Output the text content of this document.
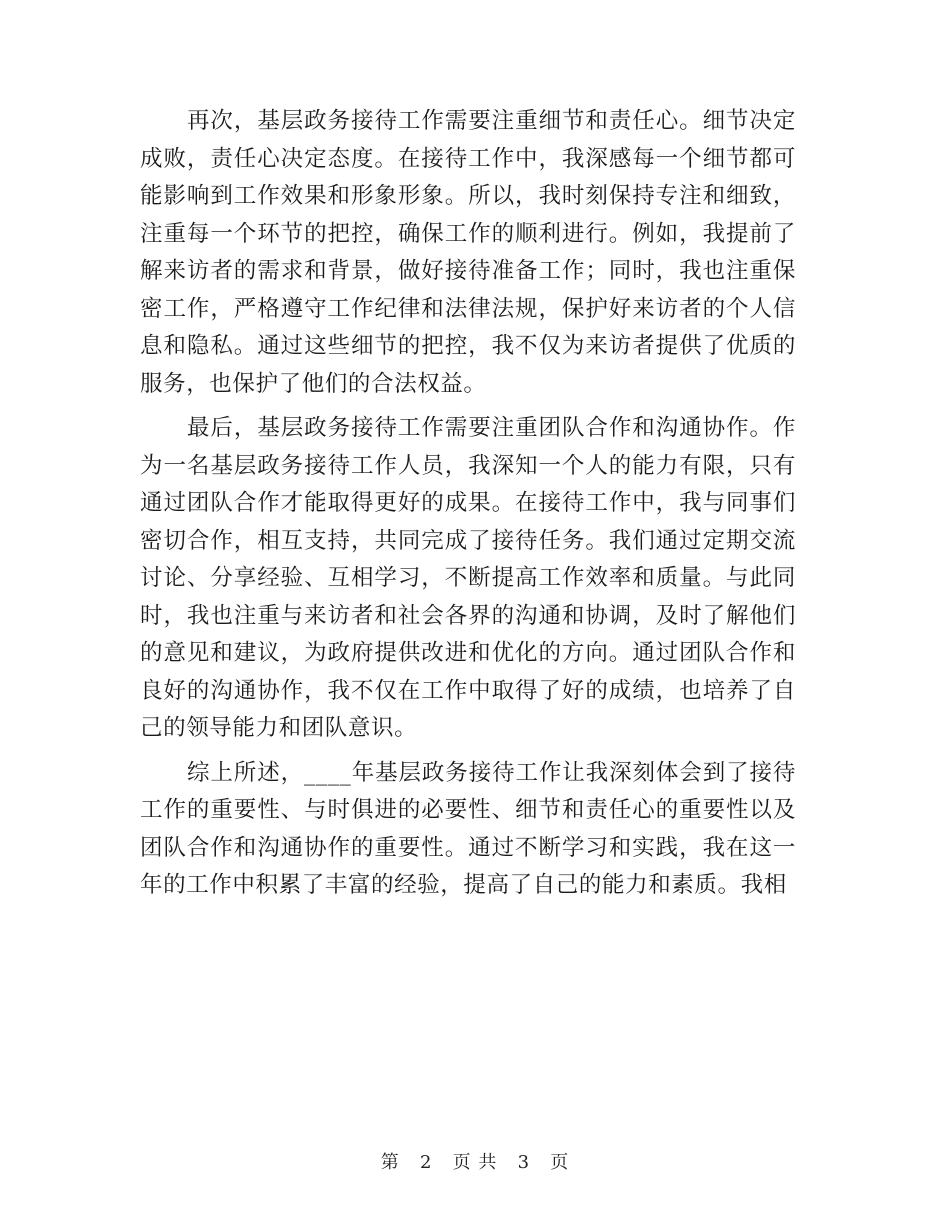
再次，基层政务接待工作需要注重细节和责任心。细节决定成败，责任心决定态度。在接待工作中，我深感每一个细节都可能影响到工作效果和形象形象。所以，我时刻保持专注和细致，注重每一个环节的把控，确保工作的顺利进行。例如，我提前了解来访者的需求和背景，做好接待准备工作；同时，我也注重保密工作，严格遵守工作纪律和法律法规，保护好来访者的个人信息和隐私。通过这些细节的把控，我不仅为来访者提供了优质的服务，也保护了他们的合法权益。

最后，基层政务接待工作需要注重团队合作和沟通协作。作为一名基层政务接待工作人员，我深知一个人的能力有限，只有通过团队合作才能取得更好的成果。在接待工作中，我与同事们密切合作，相互支持，共同完成了接待任务。我们通过定期交流讨论、分享经验、互相学习，不断提高工作效率和质量。与此同时，我也注重与来访者和社会各界的沟通和协调，及时了解他们的意见和建议，为政府提供改进和优化的方向。通过团队合作和良好的沟通协作，我不仅在工作中取得了好的成绩，也培养了自己的领导能力和团队意识。

综上所述，____年基层政务接待工作让我深刻体会到了接待工作的重要性、与时俱进的必要性、细节和责任心的重要性以及团队合作和沟通协作的重要性。通过不断学习和实践，我在这一年的工作中积累了丰富的经验，提高了自己的能力和素质。我相

第 2 页 共 3 页
